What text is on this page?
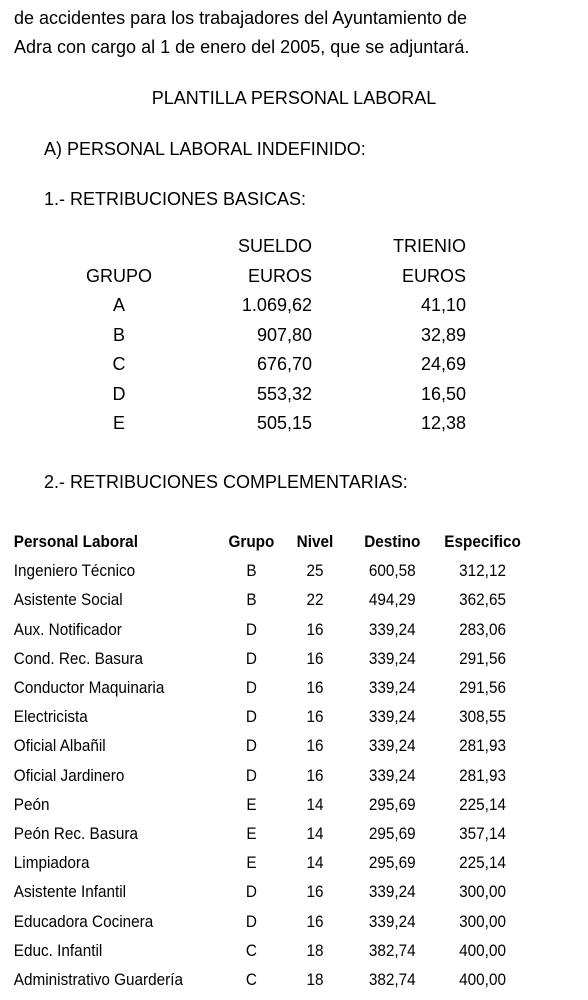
de accidentes para los trabajadores del Ayuntamiento de
Adra con cargo al 1 de enero del 2005, que se adjuntará.
PLANTILLA PERSONAL LABORAL
A) PERSONAL LABORAL INDEFINIDO:
1.- RETRIBUCIONES BASICAS:
	SUELDO	TRIENIO
GRUPO	EUROS	EUROS
A	1.069,62	41,10
B	907,80	32,89
C	676,70	24,69
D	553,32	16,50
E	505,15	12,38
2.- RETRIBUCIONES COMPLEMENTARIAS:
Personal Laboral	Grupo	Nivel	Destino	Especifico
Ingeniero Técnico	B	25	600,58	312,12
Asistente Social	B	22	494,29	362,65
Aux. Notificador	D	16	339,24	283,06
Cond. Rec. Basura	D	16	339,24	291,56
Conductor Maquinaria	D	16	339,24	291,56
Electricista	D	16	339,24	308,55
Oficial Albañil	D	16	339,24	281,93
Oficial Jardinero	D	16	339,24	281,93
Peón	E	14	295,69	225,14
Peón Rec. Basura	E	14	295,69	357,14
Limpiadora	E	14	295,69	225,14
Asistente Infantil	D	16	339,24	300,00
Educadora Cocinera	D	16	339,24	300,00
Educ. Infantil	C	18	382,74	400,00
Administrativo Guardería	C	18	382,74	400,00
